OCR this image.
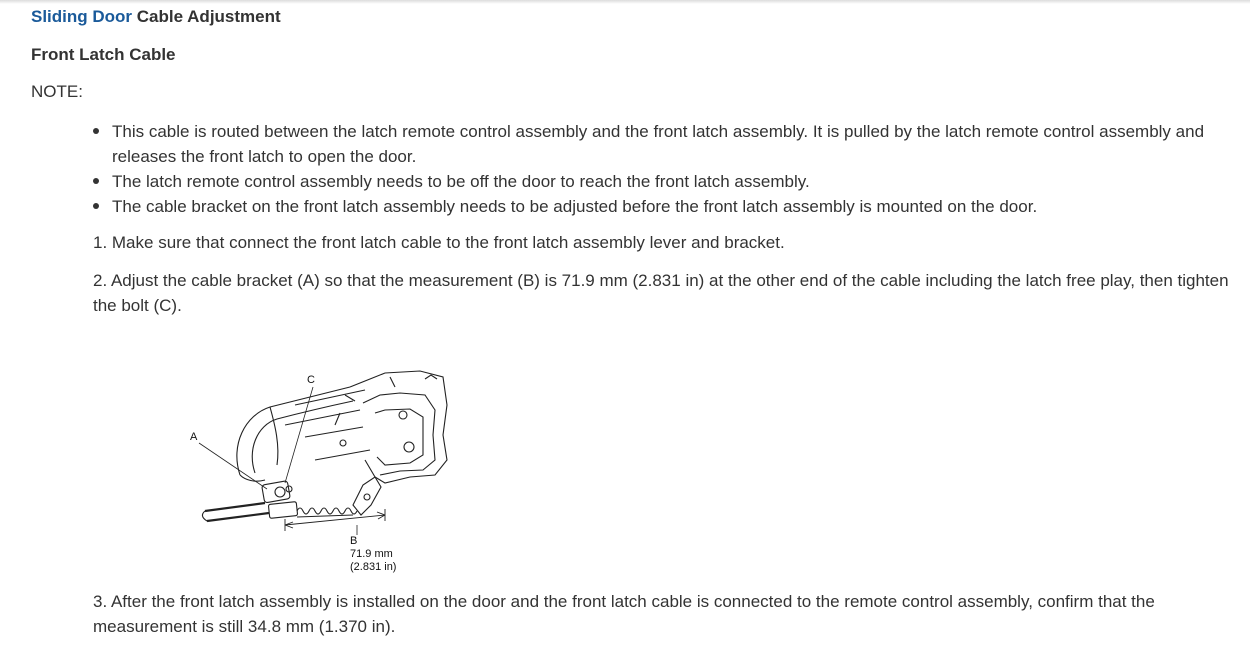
Sliding Door Cable Adjustment
Front Latch Cable
NOTE:
This cable is routed between the latch remote control assembly and the front latch assembly. It is pulled by the latch remote control assembly and releases the front latch to open the door.
The latch remote control assembly needs to be off the door to reach the front latch assembly.
The cable bracket on the front latch assembly needs to be adjusted before the front latch assembly is mounted on the door.

1. Make sure that connect the front latch cable to the front latch assembly lever and bracket.

2. Adjust the cable bracket (A) so that the measurement (B) is 71.9 mm (2.831 in) at the other end of the cable including the latch free play, then tighten the bolt (C).

A
C
B
71.9 mm
(2.831 in)

3. After the front latch assembly is installed on the door and the front latch cable is connected to the remote control assembly, confirm that the measurement is still 34.8 mm (1.370 in).
